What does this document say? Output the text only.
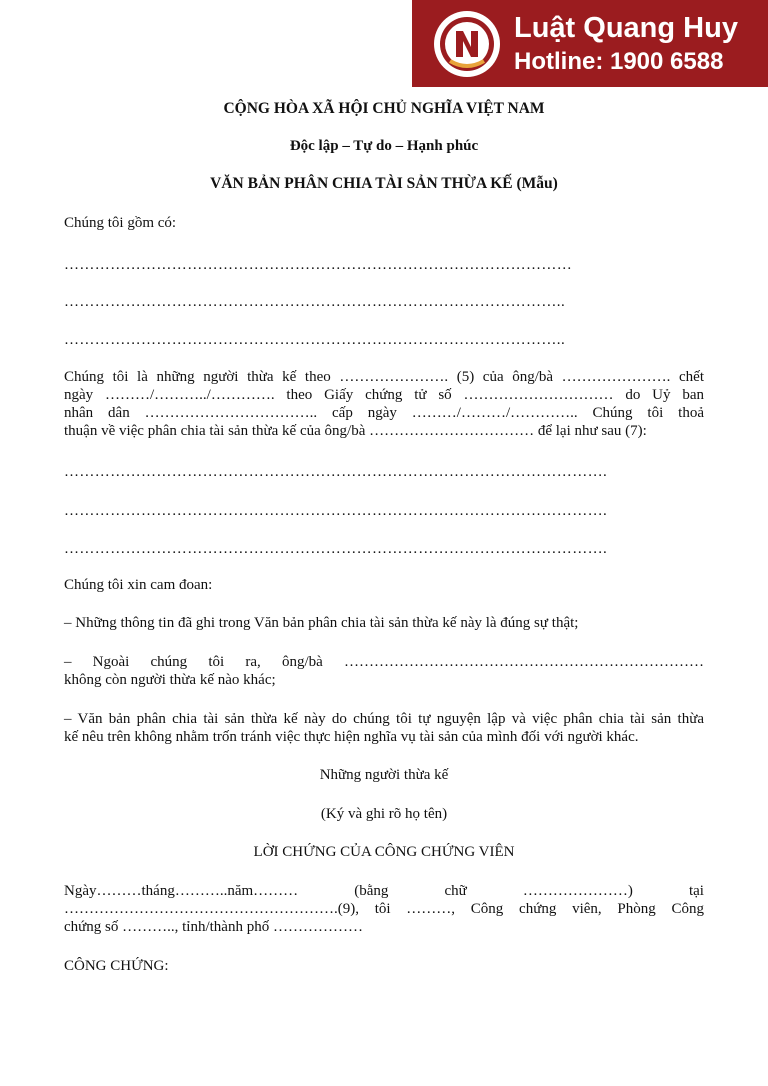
Luật Quang Huy
Hotline: 1900 6588
CỘNG HÒA XÃ HỘI CHỦ NGHĨA VIỆT NAM
Độc lập – Tự do – Hạnh phúc
VĂN BẢN PHÂN CHIA TÀI SẢN THỪA KẾ (Mẫu)
Chúng tôi gồm có:
………………………………………………………………………………………
……………………………………………………………………………………..
……………………………………………………………………………………..
Chúng tôi là những người thừa kế theo …………………. (5) của ông/bà …………………. chết
ngày ………/………../…………. theo Giấy chứng tử số ………………………… do Uỷ ban
nhân dân …………………………….. cấp ngày ………/………/………….. Chúng tôi thoả
thuận về việc phân chia tài sản thừa kế của ông/bà …………………………… để lại như sau (7):
…………………………………………………………………………………………….
…………………………………………………………………………………………….
…………………………………………………………………………………………….
Chúng tôi xin cam đoan:
– Những thông tin đã ghi trong Văn bản phân chia tài sản thừa kế này là đúng sự thật;
– Ngoài chúng tôi ra, ông/bà ………………………………………………………………
không còn người thừa kế nào khác;
– Văn bản phân chia tài sản thừa kế này do chúng tôi tự nguyện lập và việc phân chia tài sản thừa
kế nêu trên không nhằm trốn tránh việc thực hiện nghĩa vụ tài sản của mình đối với người khác.
Những người thừa kế
(Ký và ghi rõ họ tên)
LỜI CHỨNG CỦA CÔNG CHỨNG VIÊN
Ngày………tháng………..năm………	(bằng	chữ	…………………)	tại
……………………………………………….(9), tôi ………, Công chứng viên, Phòng Công
chứng số ……….., tỉnh/thành phố ………………
CÔNG CHỨNG:
